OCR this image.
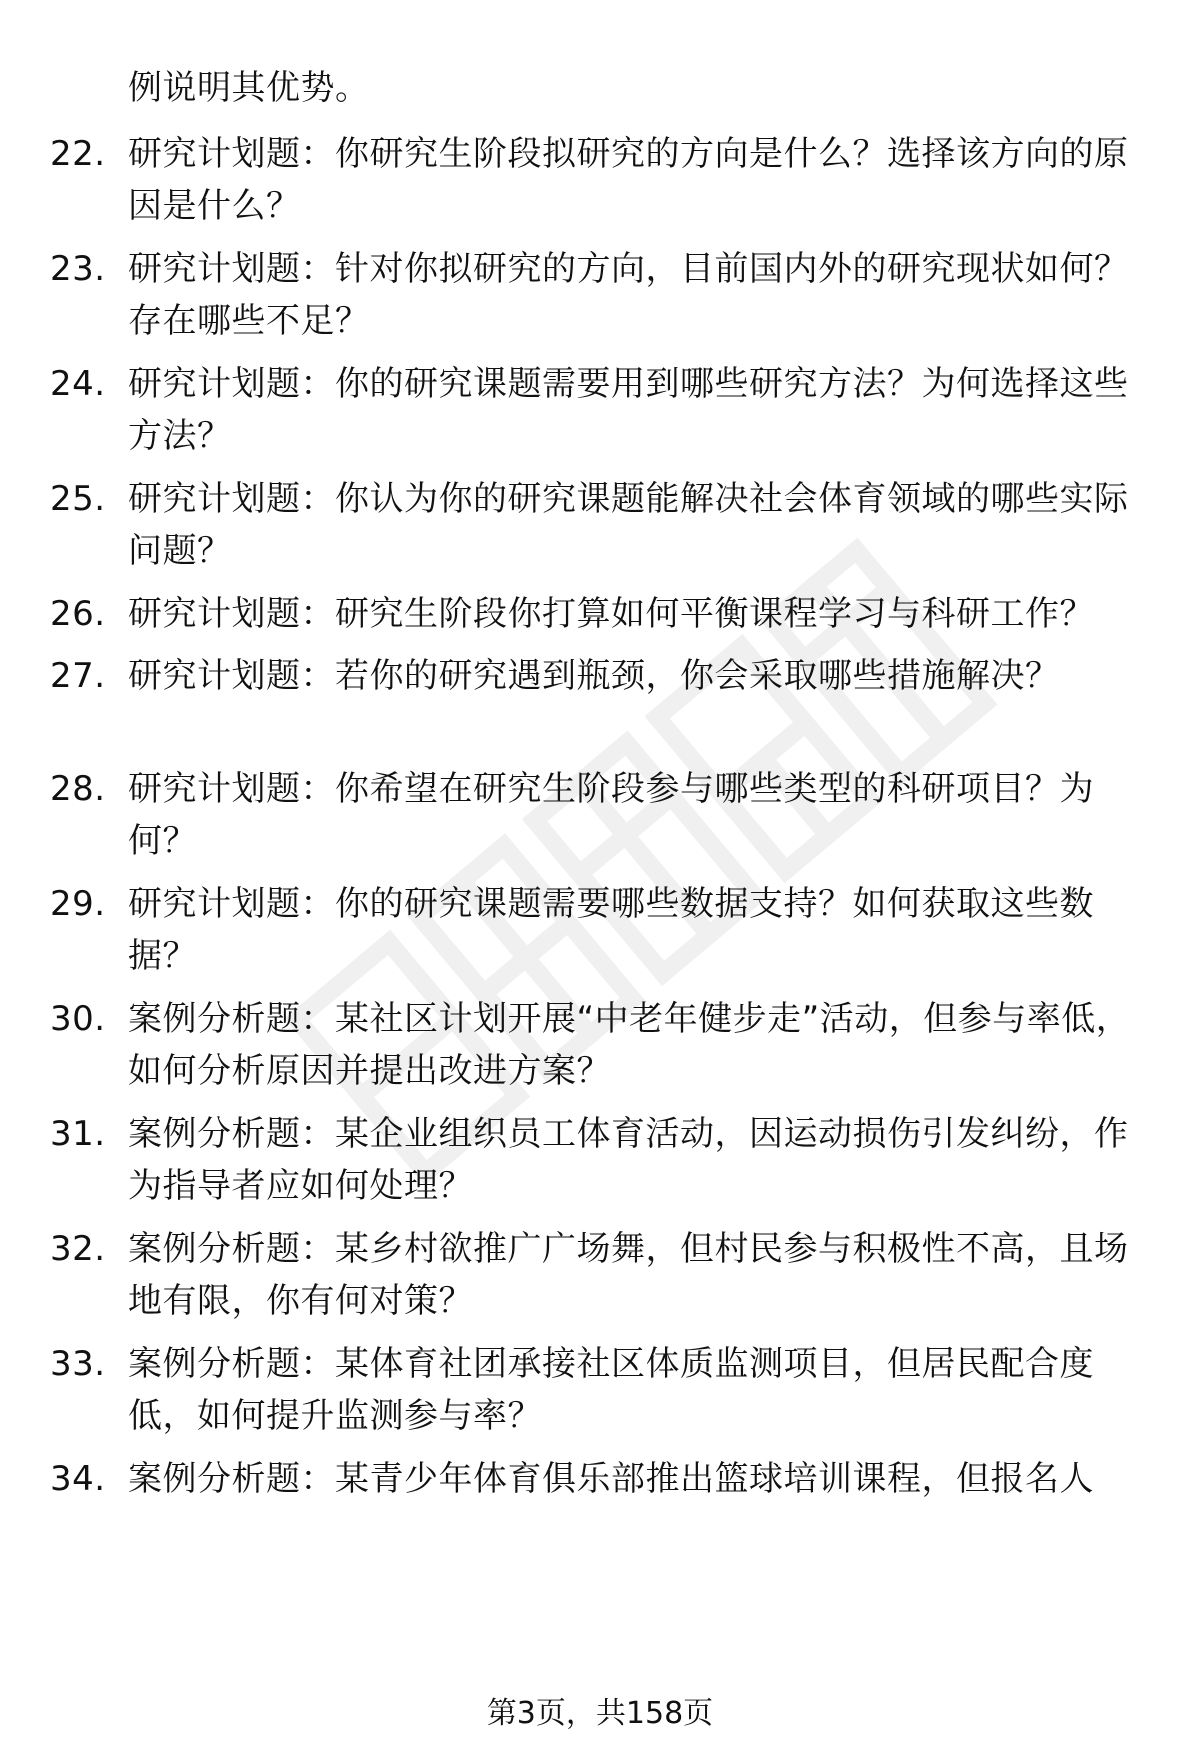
例说明其优势。
22. 研究计划题：你研究生阶段拟研究的方向是什么？选择该方向的原因是什么？
23. 研究计划题：针对你拟研究的方向，目前国内外的研究现状如何？存在哪些不足？
24. 研究计划题：你的研究课题需要用到哪些研究方法？为何选择这些方法？
25. 研究计划题：你认为你的研究课题能解决社会体育领域的哪些实际问题？
26. 研究计划题：研究生阶段你打算如何平衡课程学习与科研工作？
27. 研究计划题：若你的研究遇到瓶颈，你会采取哪些措施解决？
28. 研究计划题：你希望在研究生阶段参与哪些类型的科研项目？为何？
29. 研究计划题：你的研究课题需要哪些数据支持？如何获取这些数据？
30. 案例分析题：某社区计划开展“中老年健步走”活动，但参与率低，如何分析原因并提出改进方案？
31. 案例分析题：某企业组织员工体育活动，因运动损伤引发纠纷，作为指导者应如何处理？
32. 案例分析题：某乡村欲推广广场舞，但村民参与积极性不高，且场地有限，你有何对策？
33. 案例分析题：某体育社团承接社区体质监测项目，但居民配合度低，如何提升监测参与率？
34. 案例分析题：某青少年体育俱乐部推出篮球培训课程，但报名人
第3页，共158页
